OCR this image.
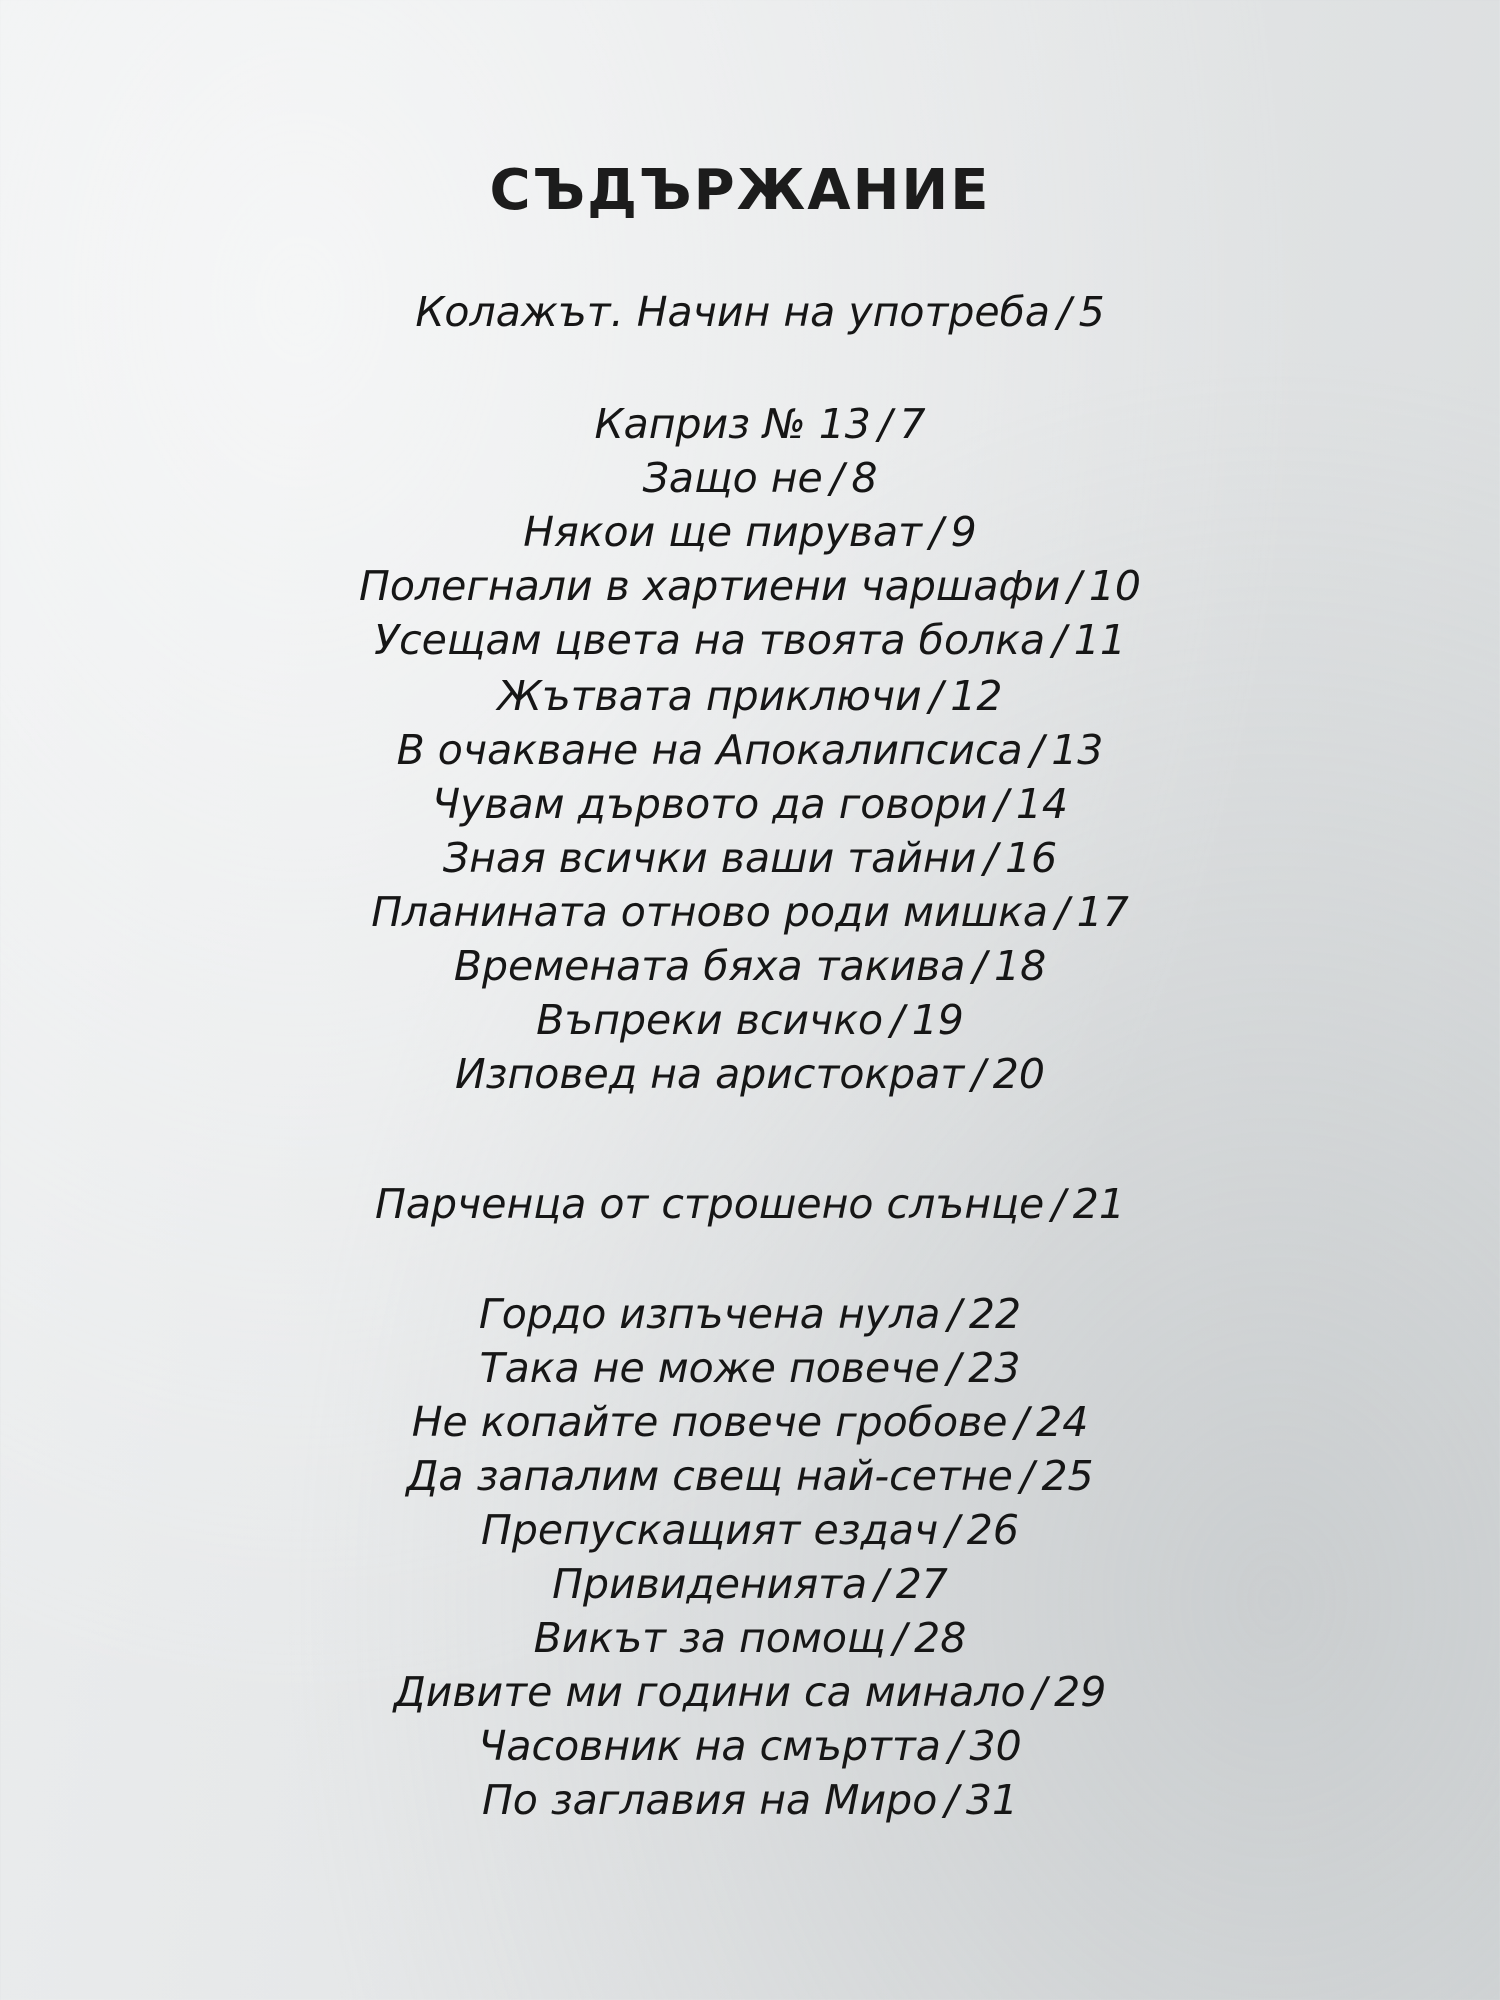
СЪДЪРЖАНИЕ
Колажът. Начин на употреба / 5
Каприз № 13 / 7
Защо не / 8
Някои ще пируват / 9
Полегнали в хартиени чаршафи / 10
Усещам цвета на твоята болка / 11
Жътвата приключи / 12
В очакване на Апокалипсиса / 13
Чувам дървото да говори / 14
Зная всички ваши тайни / 16
Планината отново роди мишка / 17
Времената бяха такива / 18
Въпреки всичко / 19
Изповед на аристократ / 20
Парченца от строшено слънце / 21
Гордо изпъчена нула / 22
Така не може повече / 23
Не копайте повече гробове / 24
Да запалим свещ най-сетне / 25
Препускащият ездач / 26
Привиденията / 27
Викът за помощ / 28
Дивите ми години са минало / 29
Часовник на смъртта / 30
По заглавия на Миро / 31
